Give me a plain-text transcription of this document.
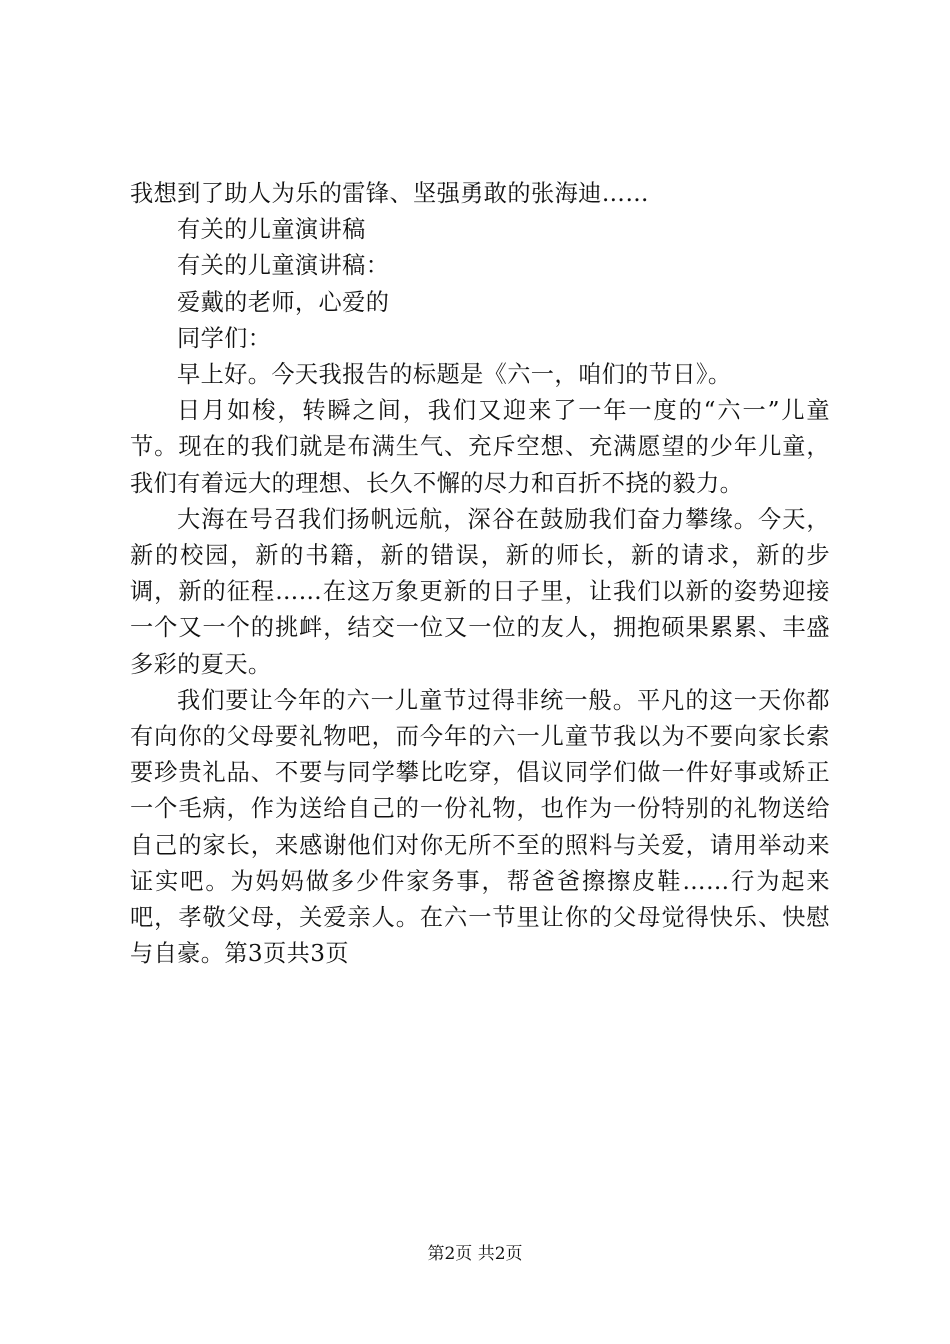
我想到了助人为乐的雷锋、坚强勇敢的张海迪……

有关的儿童演讲稿

有关的儿童演讲稿：

爱戴的老师，心爱的

同学们：

早上好。今天我报告的标题是《六一，咱们的节日》。

日月如梭，转瞬之间，我们又迎来了一年一度的“六一”儿童节。现在的我们就是布满生气、充斥空想、充满愿望的少年儿童，我们有着远大的理想、长久不懈的尽力和百折不挠的毅力。

大海在号召我们扬帆远航，深谷在鼓励我们奋力攀缘。今天，新的校园，新的书籍，新的错误，新的师长，新的请求，新的步调，新的征程……在这万象更新的日子里，让我们以新的姿势迎接一个又一个的挑衅，结交一位又一位的友人，拥抱硕果累累、丰盛多彩的夏天。

我们要让今年的六一儿童节过得非统一般。平凡的这一天你都有向你的父母要礼物吧，而今年的六一儿童节我以为不要向家长索要珍贵礼品、不要与同学攀比吃穿，倡议同学们做一件好事或矫正一个毛病，作为送给自己的一份礼物，也作为一份特别的礼物送给自己的家长，来感谢他们对你无所不至的照料与关爱，请用举动来证实吧。为妈妈做多少件家务事，帮爸爸擦擦皮鞋……行为起来吧，孝敬父母，关爱亲人。在六一节里让你的父母觉得快乐、快慰与自豪。第3页共3页

第2页 共2页
